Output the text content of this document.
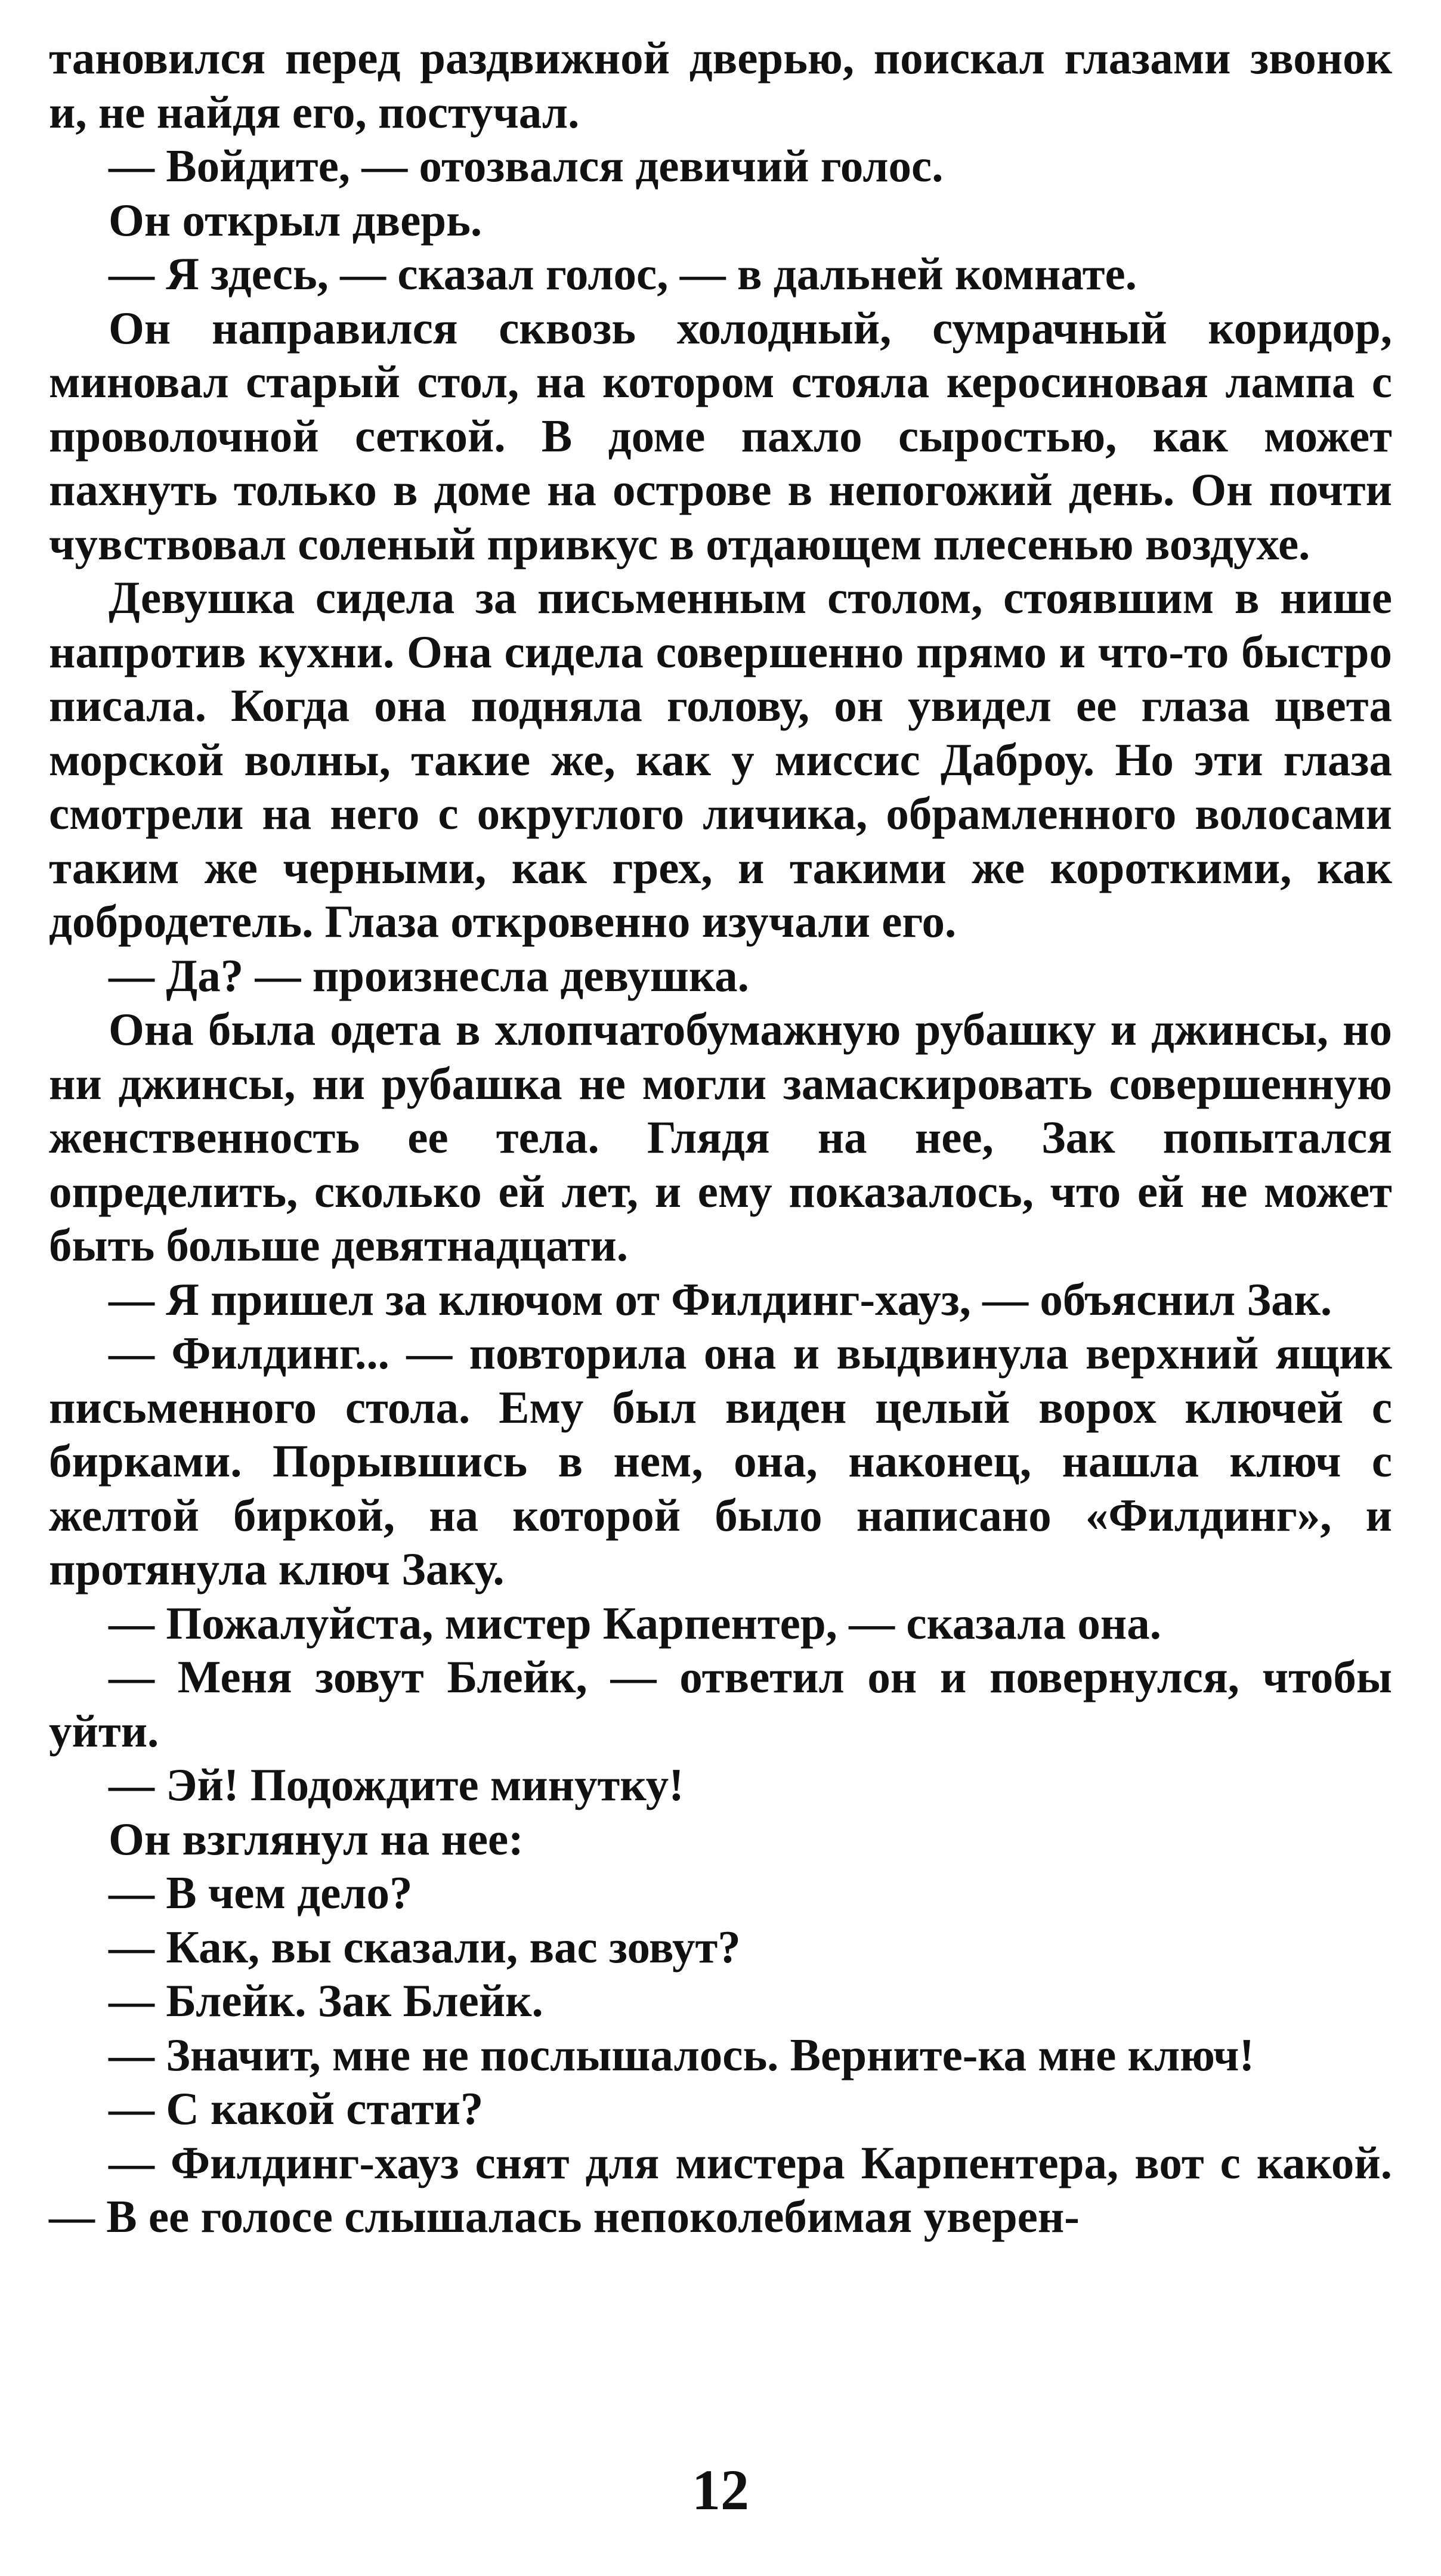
тановился перед раздвижной дверью, поискал глазами звонок и, не найдя его, постучал.

— Войдите, — отозвался девичий голос.

Он открыл дверь.

— Я здесь, — сказал голос, — в дальней комнате.

Он направился сквозь холодный, сумрачный коридор, миновал старый стол, на котором стояла керосиновая лампа с проволочной сеткой. В доме пахло сыростью, как может пахнуть только в доме на острове в непогожий день. Он почти чувствовал соленый привкус в отдающем плесенью воздухе.

Девушка сидела за письменным столом, стоявшим в нише напротив кухни. Она сидела совершенно прямо и что-то быстро писала. Когда она подняла голову, он увидел ее глаза цвета морской волны, такие же, как у миссис Даброу. Но эти глаза смотрели на него с округлого личика, обрамленного волосами таким же черными, как грех, и такими же короткими, как добродетель. Глаза откровенно изучали его.

— Да? — произнесла девушка.

Она была одета в хлопчатобумажную рубашку и джинсы, но ни джинсы, ни рубашка не могли замаскировать совершенную женственность ее тела. Глядя на нее, Зак попытался определить, сколько ей лет, и ему показалось, что ей не может быть больше девятнадцати.

— Я пришел за ключом от Филдинг-хауз, — объяснил Зак.

— Филдинг... — повторила она и выдвинула верхний ящик письменного стола. Ему был виден целый ворох ключей с бирками. Порывшись в нем, она, наконец, нашла ключ с желтой биркой, на которой было написано «Филдинг», и протянула ключ Заку.

— Пожалуйста, мистер Карпентер, — сказала она.

— Меня зовут Блейк, — ответил он и повернулся, чтобы уйти.

— Эй! Подождите минутку!

Он взглянул на нее:

— В чем дело?

— Как, вы сказали, вас зовут?

— Блейк. Зак Блейк.

— Значит, мне не послышалось. Верните-ка мне ключ!

— С какой стати?

— Филдинг-хауз снят для мистера Карпентера, вот с какой. — В ее голосе слышалась непоколебимая уверен-

12
